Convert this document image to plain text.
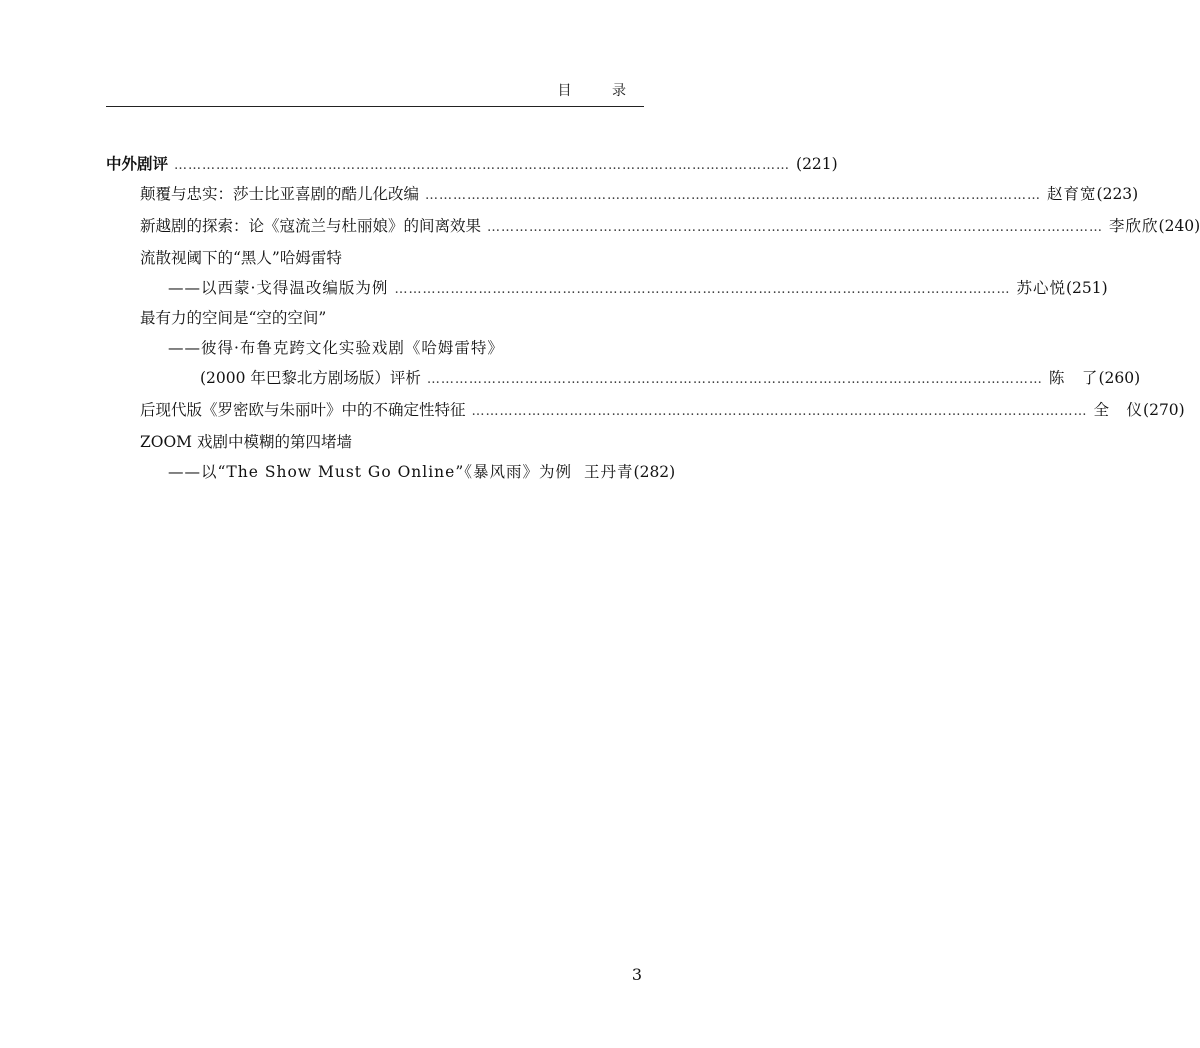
目 录
中外剧评 …………………………………………………………………………………………………………………… (221)
颠覆与忠实：莎士比亚喜剧的酷儿化改编 …………………………………………………………………………………………………………………… 赵育宽 (223)
新越剧的探索：论《寇流兰与杜丽娘》的间离效果 …………………………………………………………………………………………………………………… 李欣欣 (240)
流散视阈下的“黑人”哈姆雷特
——以西蒙·戈得温改编版为例 …………………………………………………………………………………………………………………… 苏心悦 (251)
最有力的空间是“空的空间”
——彼得·布鲁克跨文化实验戏剧《哈姆雷特》
(2000 年巴黎北方剧场版）评析 …………………………………………………………………………………………………………………… 陈　了 (260)
后现代版《罗密欧与朱丽叶》中的不确定性特征 …………………………………………………………………………………………………………………… 全　仪 (270)
ZOOM 戏剧中模糊的第四堵墙
——以“The Show Must Go Online”《暴风雨》为例 王丹青 (282)
3
